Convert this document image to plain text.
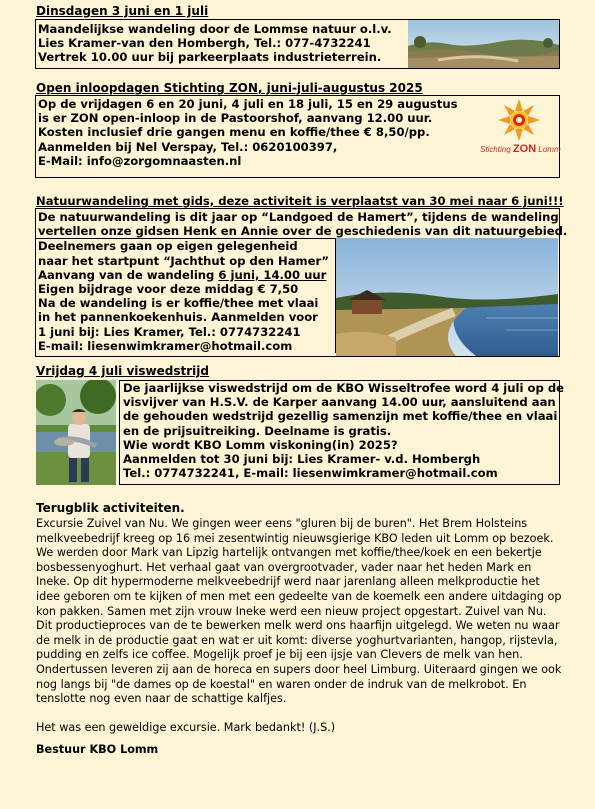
Dinsdagen 3 juni en 1 juli
Maandelijkse wandeling door de Lommse natuur o.l.v.
Lies Kramer-van den Hombergh, Tel.: 077-4732241
Vertrek 10.00 uur bij parkeerplaats industrieterrein.
Open inloopdagen Stichting ZON, juni-juli-augustus 2025
Op de vrijdagen 6 en 20 juni, 4 juli en 18 juli, 15 en 29 augustus
is er ZON open-inloop in de Pastoorshof, aanvang 12.00 uur.
Kosten inclusief drie gangen menu en koffie/thee € 8,50/pp.
Aanmelden bij Nel Verspay, Tel.: 0620100397,
E-Mail: info@zorgomnaasten.nl
Stichting ZON Lomm
Natuurwandeling met gids, deze activiteit is verplaatst van 30 mei naar 6 juni!!!
De natuurwandeling is dit jaar op “Landgoed de Hamert”, tijdens de wandeling
vertellen onze gidsen Henk en Annie over de geschiedenis van dit natuurgebied.
Deelnemers gaan op eigen gelegenheid
naar het startpunt “Jachthut op den Hamer”
Aanvang van de wandeling 6 juni, 14.00 uur
Eigen bijdrage voor deze middag € 7,50
Na de wandeling is er koffie/thee met vlaai
in het pannenkoekenhuis. Aanmelden voor
1 juni bij: Lies Kramer, Tel.: 0774732241
E-mail: liesenwimkramer@hotmail.com
Vrijdag 4 juli viswedstrijd
De jaarlijkse viswedstrijd om de KBO Wisseltrofee word 4 juli op de
visvijver van H.S.V. de Karper aanvang 14.00 uur, aansluitend aan
de gehouden wedstrijd gezellig samenzijn met koffie/thee en vlaai
en de prijsuitreiking. Deelname is gratis.
Wie wordt KBO Lomm viskoning(in) 2025?
Aanmelden tot 30 juni bij: Lies Kramer- v.d. Hombergh
Tel.: 0774732241, E-mail: liesenwimkramer@hotmail.com

Terugblik activiteiten.

Excursie Zuivel van Nu. We gingen weer eens "gluren bij de buren". Het Brem Holsteins melkveebedrijf kreeg op 16 mei zesentwintig nieuwsgierige KBO leden uit Lomm op bezoek. We werden door Mark van Lipzig hartelijk ontvangen met koffie/thee/koek en een bekertje bosbessenyoghurt. Het verhaal gaat van overgrootvader, vader naar het heden Mark en Ineke. Op dit hypermoderne melkveebedrijf werd naar jarenlang alleen melkproductie het idee geboren om te kijken of men met een gedeelte van de koemelk een andere uitdaging op kon pakken. Samen met zijn vrouw Ineke werd een nieuw project opgestart. Zuivel van Nu. Dit productieproces van de te bewerken melk werd ons haarfijn uitgelegd. We weten nu waar de melk in de productie gaat en wat er uit komt: diverse yoghurtvarianten, hangop, rijstevla, pudding en zelfs ice coffee. Mogelijk proef je bij een ijsje van Clevers de melk van hen. Ondertussen leveren zij aan de horeca en supers door heel Limburg. Uiteraard gingen we ook nog langs bij "de dames op de koestal" en waren onder de indruk van de melkrobot. En tenslotte nog even naar de schattige kalfjes.

Het was een geweldige excursie. Mark bedankt! (J.S.)

Bestuur KBO Lomm
